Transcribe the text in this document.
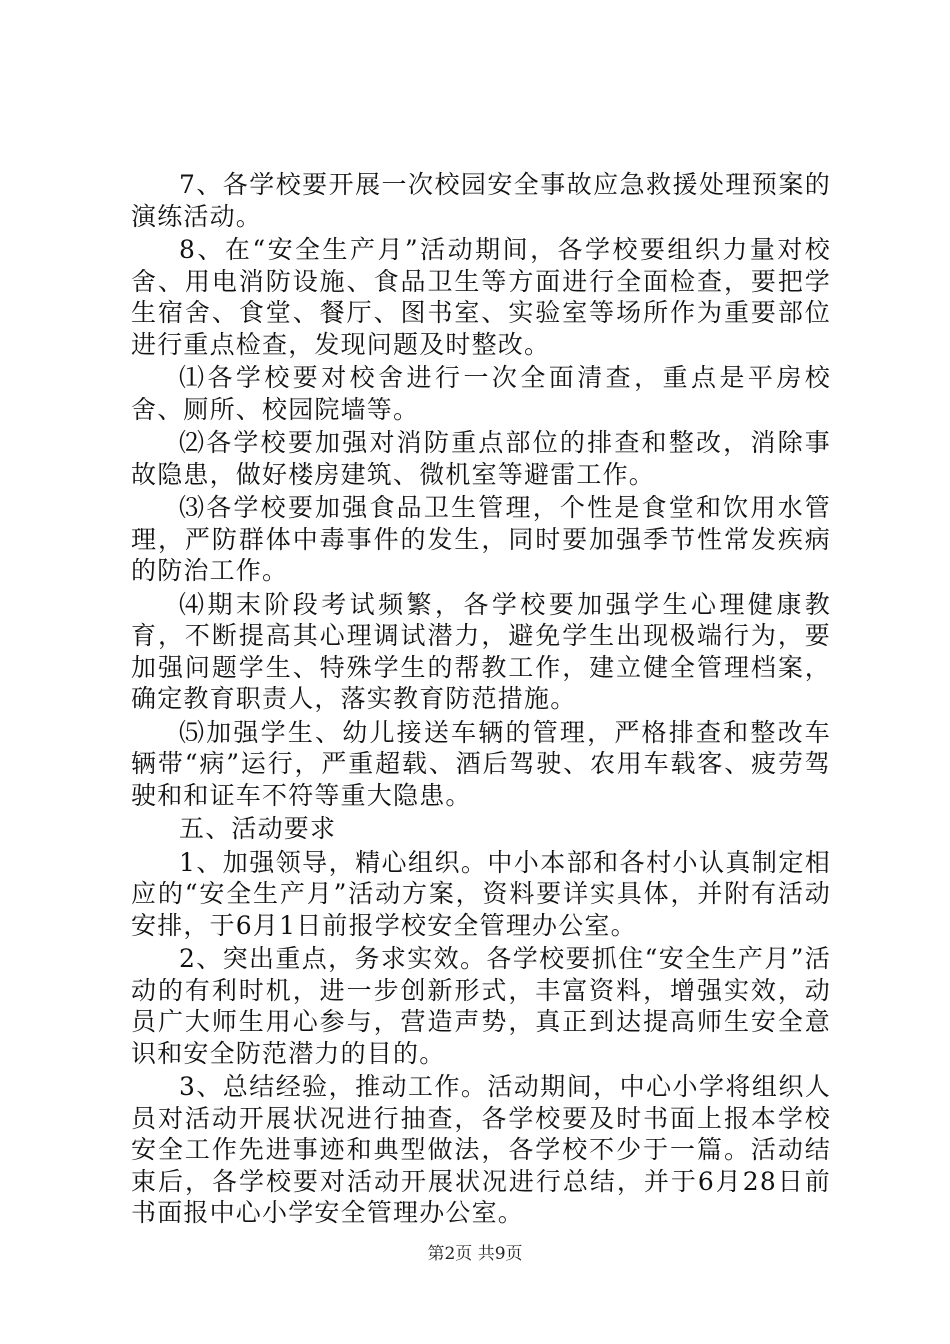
7、各学校要开展一次校园安全事故应急救援处理预案的演练活动。

8、在“安全生产月”活动期间，各学校要组织力量对校舍、用电消防设施、食品卫生等方面进行全面检查，要把学生宿舍、食堂、餐厅、图书室、实验室等场所作为重要部位进行重点检查，发现问题及时整改。

⑴各学校要对校舍进行一次全面清查，重点是平房校舍、厕所、校园院墙等。

⑵各学校要加强对消防重点部位的排查和整改，消除事故隐患，做好楼房建筑、微机室等避雷工作。

⑶各学校要加强食品卫生管理，个性是食堂和饮用水管理，严防群体中毒事件的发生，同时要加强季节性常发疾病的防治工作。

⑷期末阶段考试频繁，各学校要加强学生心理健康教育，不断提高其心理调试潜力，避免学生出现极端行为，要加强问题学生、特殊学生的帮教工作，建立健全管理档案，确定教育职责人，落实教育防范措施。

⑸加强学生、幼儿接送车辆的管理，严格排查和整改车辆带“病”运行，严重超载、酒后驾驶、农用车载客、疲劳驾驶和和证车不符等重大隐患。

五、活动要求

1、加强领导，精心组织。中小本部和各村小认真制定相应的“安全生产月”活动方案，资料要详实具体，并附有活动安排，于6月1日前报学校安全管理办公室。

2、突出重点，务求实效。各学校要抓住“安全生产月”活动的有利时机，进一步创新形式，丰富资料，增强实效，动员广大师生用心参与，营造声势，真正到达提高师生安全意识和安全防范潜力的目的。

3、总结经验，推动工作。活动期间，中心小学将组织人员对活动开展状况进行抽查，各学校要及时书面上报本学校安全工作先进事迹和典型做法，各学校不少于一篇。活动结束后，各学校要对活动开展状况进行总结，并于6月28日前书面报中心小学安全管理办公室。

第2页 共9页
